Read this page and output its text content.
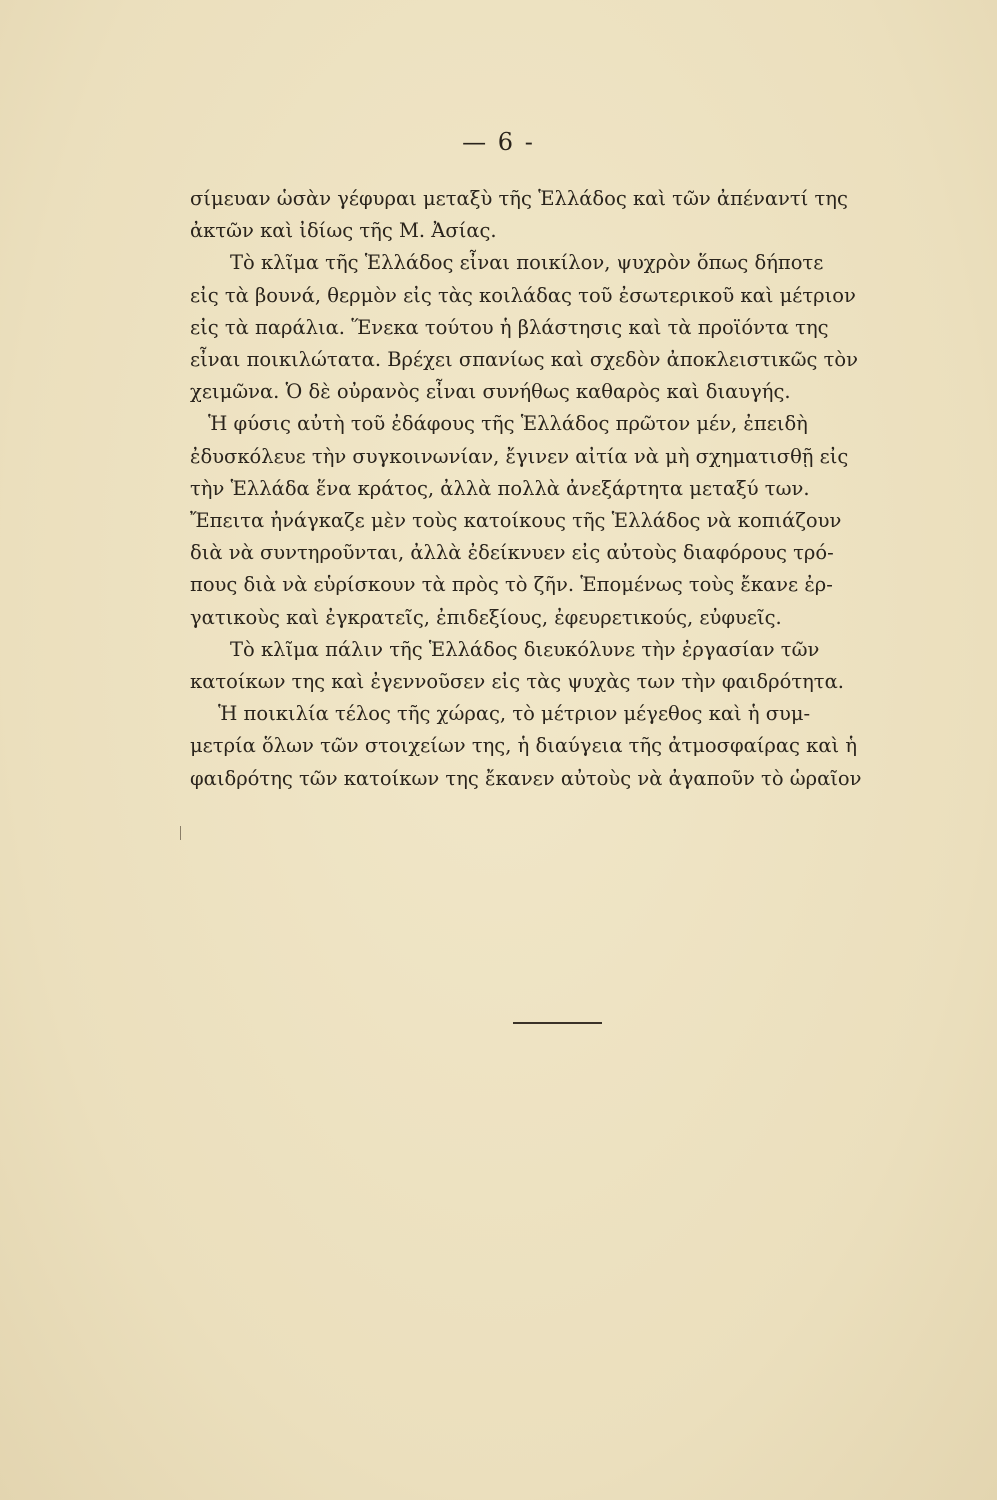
— 6 -
σίμευαν ὡσὰν γέφυραι μεταξὺ τῆς Ἑλλάδος καὶ τῶν ἀπέναντί της
ἀκτῶν καὶ ἰδίως τῆς Μ. Ἀσίας.
Τὸ κλῖμα τῆς Ἑλλάδος εἶναι ποικίλον, ψυχρὸν ὅπως δήποτε
εἰς τὰ βουνά, θερμὸν εἰς τὰς κοιλάδας τοῦ ἐσωτερικοῦ καὶ μέτριον
εἰς τὰ παράλια. Ἕνεκα τούτου ἡ βλάστησις καὶ τὰ προϊόντα της
εἶναι ποικιλώτατα. Βρέχει σπανίως καὶ σχεδὸν ἀποκλειστικῶς τὸν
χειμῶνα. Ὁ δὲ οὐρανὸς εἶναι συνήθως καθαρὸς καὶ διαυγής.
Ἡ φύσις αὐτὴ τοῦ ἐδάφους τῆς Ἑλλάδος πρῶτον μέν, ἐπειδὴ
ἐδυσκόλευε τὴν συγκοινωνίαν, ἔγινεν αἰτία νὰ μὴ σχηματισθῇ εἰς
τὴν Ἑλλάδα ἕνα κράτος, ἀλλὰ πολλὰ ἀνεξάρτητα μεταξύ των.
Ἔπειτα ἠνάγκαζε μὲν τοὺς κατοίκους τῆς Ἑλλάδος νὰ κοπιάζουν
διὰ νὰ συντηροῦνται, ἀλλὰ ἐδείκνυεν εἰς αὐτοὺς διαφόρους τρό-
πους διὰ νὰ εὑρίσκουν τὰ πρὸς τὸ ζῆν. Ἑπομένως τοὺς ἔκανε ἐρ-
γατικοὺς καὶ ἐγκρατεῖς, ἐπιδεξίους, ἐφευρετικούς, εὐφυεῖς.
Τὸ κλῖμα πάλιν τῆς Ἑλλάδος διευκόλυνε τὴν ἐργασίαν τῶν
κατοίκων της καὶ ἐγεννοῦσεν εἰς τὰς ψυχὰς των τὴν φαιδρότητα.
Ἡ ποικιλία τέλος τῆς χώρας, τὸ μέτριον μέγεθος καὶ ἡ συμ-
μετρία ὅλων τῶν στοιχείων της, ἡ διαύγεια τῆς ἀτμοσφαίρας καὶ ἡ
φαιδρότης τῶν κατοίκων της ἔκανεν αὐτοὺς νὰ ἀγαποῦν τὸ ὡραῖον
